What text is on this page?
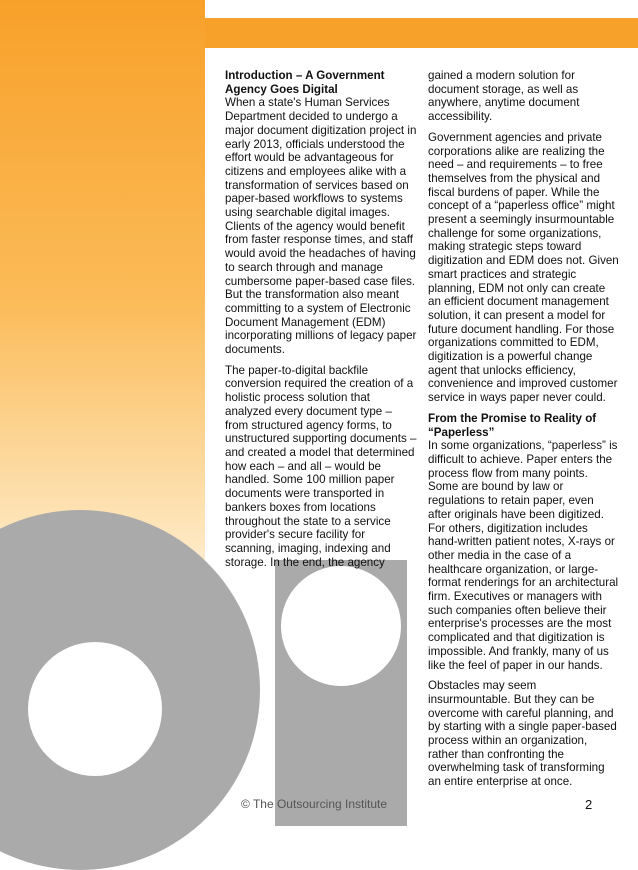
Introduction – A Government Agency Goes Digital

When a state's Human Services Department decided to undergo a major document digitization project in early 2013, officials understood the effort would be advantageous for citizens and employees alike with a transformation of services based on paper-based workflows to systems using searchable digital images. Clients of the agency would benefit from faster response times, and staff would avoid the headaches of having to search through and manage cumbersome paper-based case files. But the transformation also meant committing to a system of Electronic Document Management (EDM) incorporating millions of legacy paper documents.

The paper-to-digital backfile conversion required the creation of a holistic process solution that analyzed every document type – from structured agency forms, to unstructured supporting documents – and created a model that determined how each – and all – would be handled. Some 100 million paper documents were transported in bankers boxes from locations throughout the state to a service provider's secure facility for scanning, imaging, indexing and storage. In the end, the agency

gained a modern solution for document storage, as well as anywhere, anytime document accessibility.

Government agencies and private corporations alike are realizing the need – and requirements – to free themselves from the physical and fiscal burdens of paper. While the concept of a “paperless office” might present a seemingly insurmountable challenge for some organizations, making strategic steps toward digitization and EDM does not. Given smart practices and strategic planning, EDM not only can create an efficient document management solution, it can present a model for future document handling. For those organizations committed to EDM, digitization is a powerful change agent that unlocks efficiency, convenience and improved customer service in ways paper never could.

From the Promise to Reality of “Paperless”

In some organizations, “paperless” is difficult to achieve. Paper enters the process flow from many points. Some are bound by law or regulations to retain paper, even after originals have been digitized. For others, digitization includes hand-written patient notes, X-rays or other media in the case of a healthcare organization, or large-format renderings for an architectural firm. Executives or managers with such companies often believe their enterprise's processes are the most complicated and that digitization is impossible. And frankly, many of us like the feel of paper in our hands.

Obstacles may seem insurmountable. But they can be overcome with careful planning, and by starting with a single paper-based process within an organization, rather than confronting the overwhelming task of transforming an entire enterprise at once.

© The Outsourcing Institute	2
